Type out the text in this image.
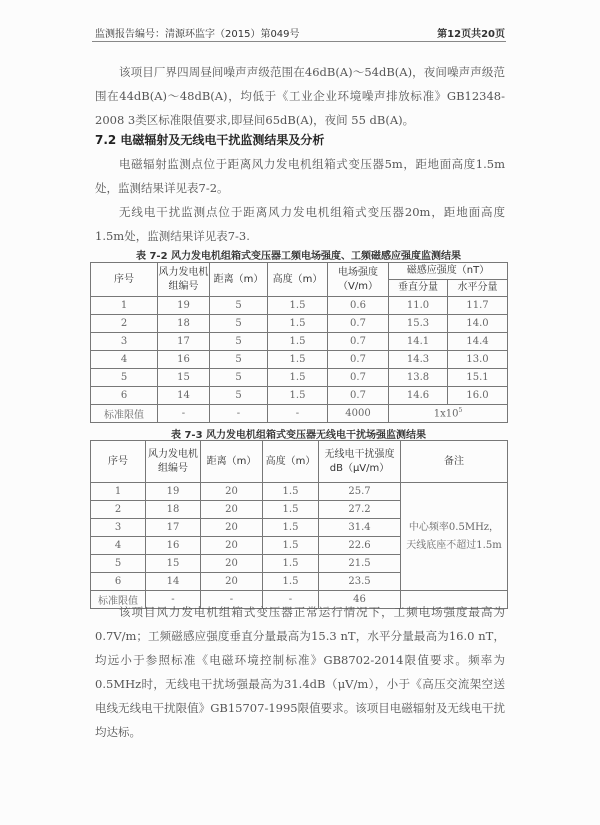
监测报告编号：清源环监字（2015）第049号	第12页共20页
该项目厂界四周昼间噪声声级范围在46dB(A)～54dB(A)，夜间噪声声级范围在44dB(A)～48dB(A)，均低于《工业企业环境噪声排放标准》GB12348-2008 3类区标准限值要求,即昼间65dB(A)，夜间 55 dB(A)。
7.2 电磁辐射及无线电干扰监测结果及分析
电磁辐射监测点位于距离风力发电机组箱式变压器5m，距地面高度1.5m处，监测结果详见表7-2。
无线电干扰监测点位于距离风力发电机组箱式变压器20m，距地面高度1.5m处，监测结果详见表7-3.
表 7-2 风力发电机组箱式变压器工频电场强度、工频磁感应强度监测结果
序号	风力发电机组编号	距离（m）	高度（m）	电场强度（V/m）	磁感应强度（nT）	
					垂直分量	水平分量
1	19	5	1.5	0.6	11.0	11.7
2	18	5	1.5	0.7	15.3	14.0
3	17	5	1.5	0.7	14.1	14.4
4	16	5	1.5	0.7	14.3	13.0
5	15	5	1.5	0.7	13.8	15.1
6	14	5	1.5	0.7	14.6	16.0
标准限值	-	-	-	4000	$1x10^5$
表 7-3 风力发电机组箱式变压器无线电干扰场强监测结果
序号	风力发电机组编号	距离（m）	高度（m）	无线电干扰强度 dB（μV/m）	备注
1	19	20	1.5	25.7	中心频率0.5MHz，天线底座不超过1.5m
2	18	20	1.5	27.2	
3	17	20	1.5	31.4	
4	16	20	1.5	22.6	
5	15	20	1.5	21.5	
6	14	20	1.5	23.5	
标准限值	-	-	-	46	
该项目风力发电机组箱式变压器正常运行情况下，工频电场强度最高为0.7V/m；工频磁感应强度垂直分量最高为15.3 nT，水平分量最高为16.0 nT，均远小于参照标准《电磁环境控制标准》GB8702-2014限值要求。频率为0.5MHz时，无线电干扰场强最高为31.4dB（μV/m），小于《高压交流架空送电线无线电干扰限值》GB15707-1995限值要求。该项目电磁辐射及无线电干扰均达标。
